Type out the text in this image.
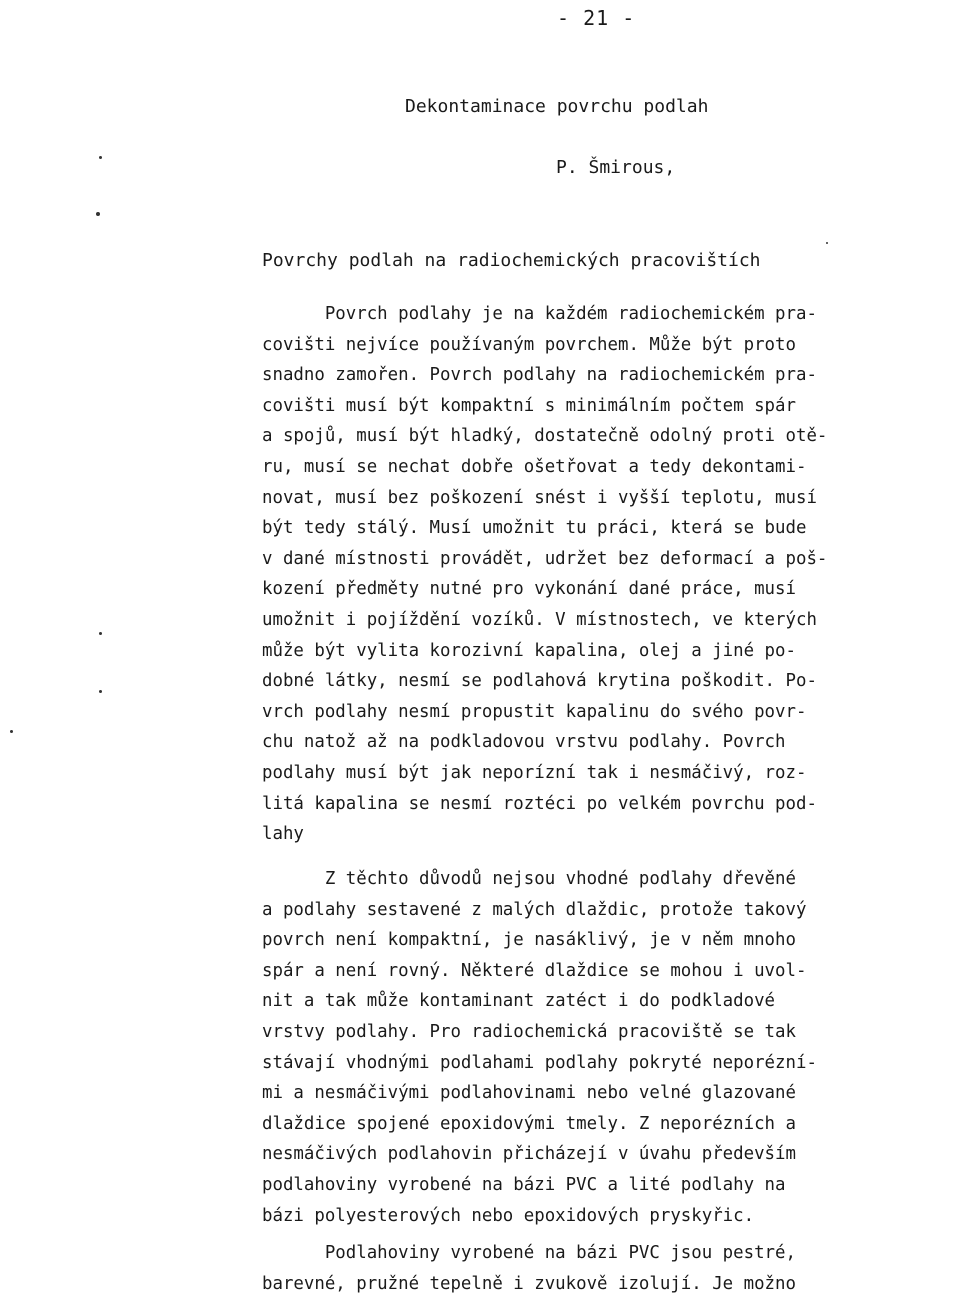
- 21 -
Dekontaminace povrchu podlah
P. Šmirous,
Povrchy podlah na radiochemických pracovištích
Povrch podlahy je na každém radiochemickém pra-
covišti nejvíce používaným povrchem. Může být proto
snadno zamořen. Povrch podlahy na radiochemickém pra-
covišti musí být kompaktní s minimálním počtem spár
a spojů, musí být hladký, dostatečně odolný proti otě-
ru, musí se nechat dobře ošetřovat a tedy dekontami-
novat, musí bez poškození snést i vyšší teplotu, musí
být tedy stálý. Musí umožnit tu práci, která se bude
v dané místnosti provádět, udržet bez deformací a poš-
kození předměty nutné pro vykonání dané práce, musí
umožnit i pojíždění vozíků. V místnostech, ve kterých
může být vylita korozivní kapalina, olej a jiné po-
dobné látky, nesmí se podlahová krytina poškodit. Po-
vrch podlahy nesmí propustit kapalinu do svého povr-
chu natož až na podkladovou vrstvu podlahy. Povrch
podlahy musí být jak neporízní tak i nesmáčivý, roz-
litá kapalina se nesmí roztéci po velkém povrchu pod-
lahy
Z těchto důvodů nejsou vhodné podlahy dřevěné
a podlahy sestavené z malých dlaždic, protože takový
povrch není kompaktní, je nasáklivý, je v něm mnoho
spár a není rovný. Některé dlaždice se mohou i uvol-
nit a tak může kontaminant zatéct i do podkladové
vrstvy podlahy. Pro radiochemická pracoviště se tak
stávají vhodnými podlahami podlahy pokryté neporézní-
mi a nesmáčivými podlahovinami nebo velné glazované
dlaždice spojené epoxidovými tmely. Z neporézních a
nesmáčivých podlahovin přicházejí v úvahu především
podlahoviny vyrobené na bázi PVC a lité podlahy na
bázi polyesterových nebo epoxidových pryskyřic.
Podlahoviny vyrobené na bázi PVC jsou pestré,
barevné, pružné tepelně i zvukově izolují. Je možno
